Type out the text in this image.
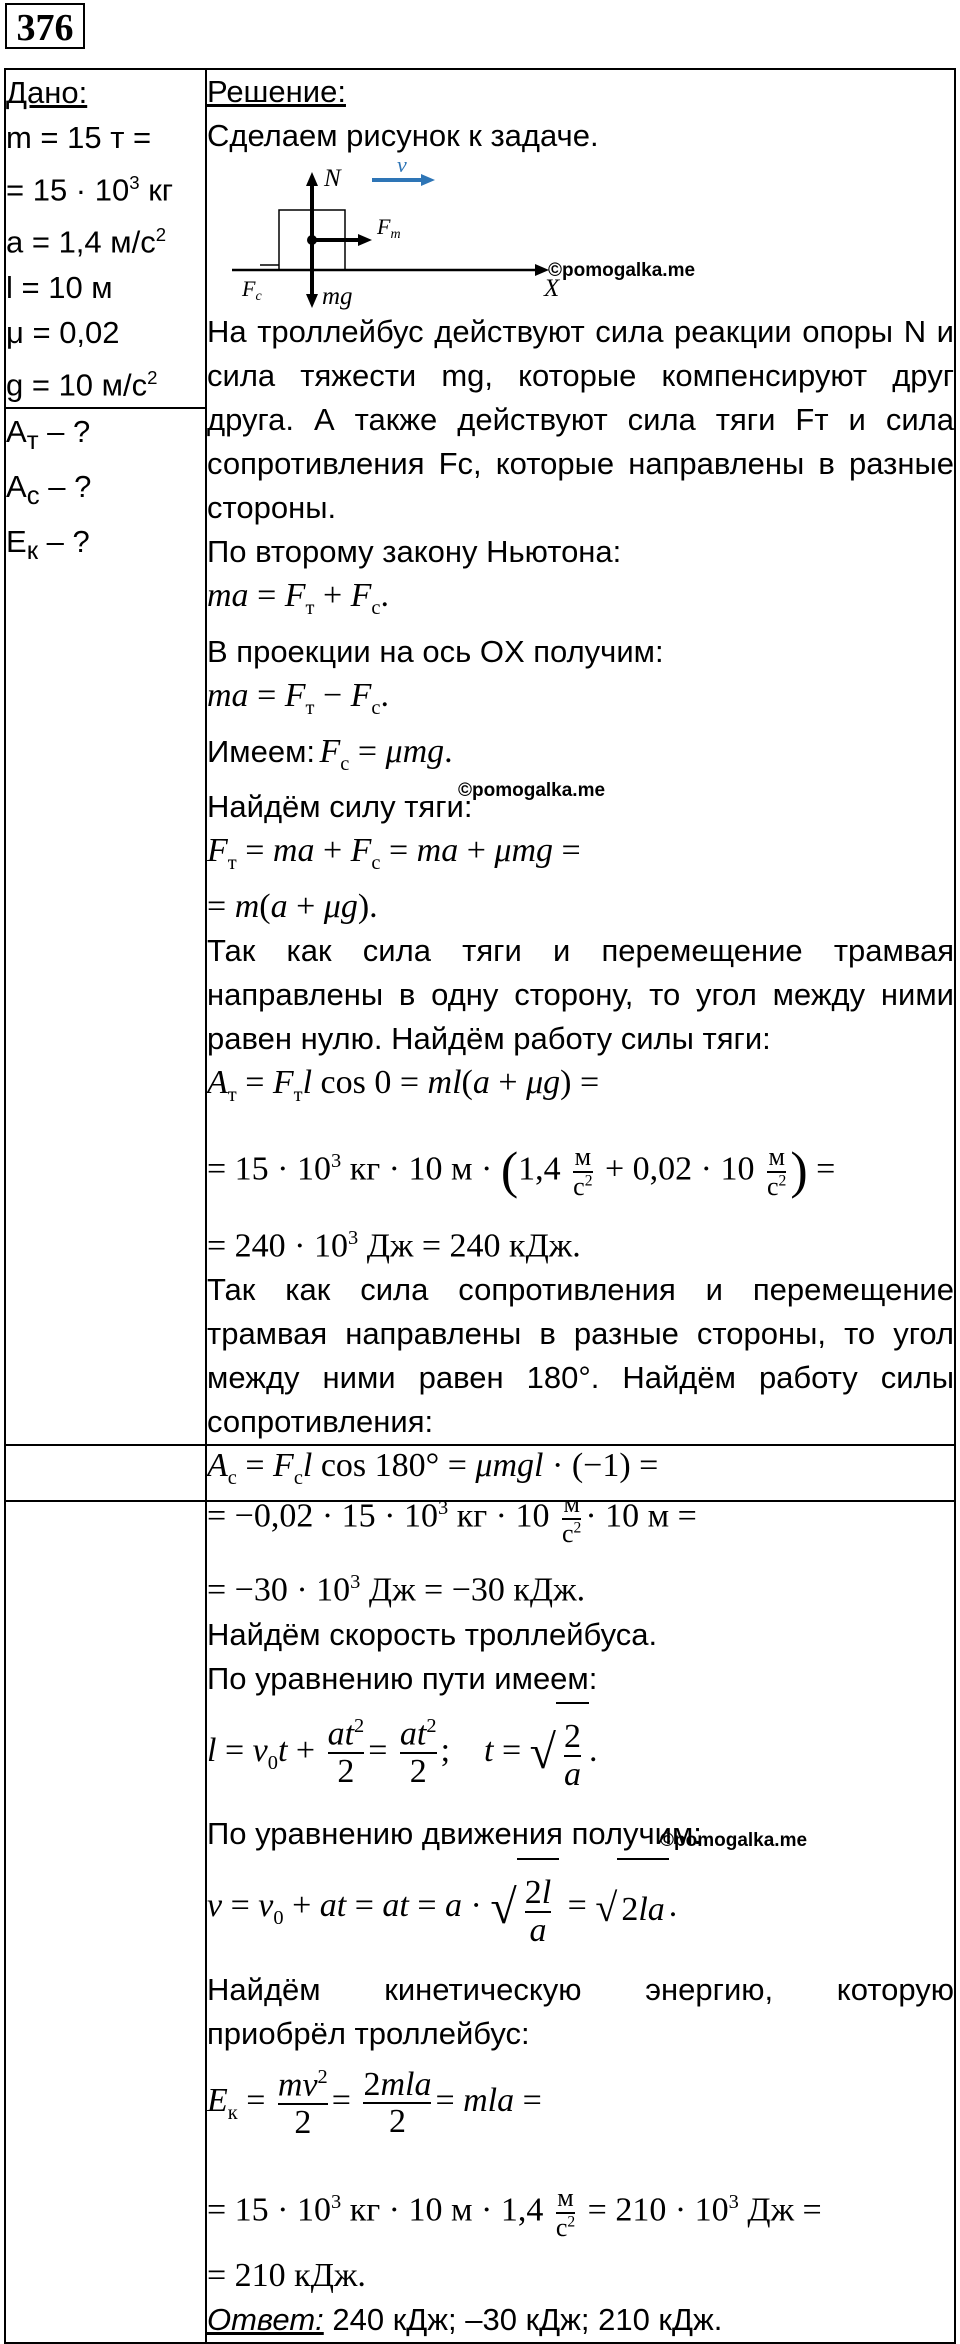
376
Дано:
m = 15 т =
= $15 \cdot 10^3$ кг
a = 1,4 $м/с^2$
l = 10 м
μ = 0,02
g = 10 $м/с^2$

Решение:
Сделаем рисунок к задаче.
N
v
Fm
Fc mg	X
На троллейбус действуют сила реакции опоры N и сила тяжести mg, которые компенсируют друг друга. А также действуют сила тяги Fт и сила сопротивления Fс, которые направлены в разные стороны.
По второму закону Ньютона:
ma = $F_т + F_с$.
В проекции на ось OX получим:
ma = $F_т - F_с$.
Имеем: $F_с = \mu mg$.
Найдём силу тяги:
$F_т$ = ma + $F_с$ = ma + μmg =
= m(a + μg).
Так как сила тяги и перемещение трамвая направлены в одну сторону, то угол между ними равен нулю. Найдём работу силы тяги:
$A_т = F_тl$ cos 0 = ml(a + μg) =
= $15 \cdot 10^3$ кг · 10 м · (1,4 м
$с^2 + 0,02 \cdot 10$ м
$с^2$ ) =
= $240 \cdot 10^3$ Дж = 240 кДж.
Так как сила сопротивления и перемещение трамвая направлены в разные стороны, то угол между ними равен 180°. Найдём работу силы сопротивления:
$A_с = F_сl$ cos 180° = μmgl · (−1) =

$А_т$ – ?
$А_с$ – ?
$E_к$ – ?

= $-0,02 \cdot 15 \cdot 10^3$ кг · 10 м
$с^2 \cdot 10$ м =
= $-30 \cdot 10^3$ Дж = −30 кДж.
Найдём скорость троллейбуса.
По уравнению пути имеем:
$l = v_0t + \frac{at^2}{2} = \frac{at^2}{2}$ ;    t = √ $\frac{2}{a}$ .
По уравнению движения получим:
$v = v_0$ + at = at = a · √ $\frac{2l}{a}$ = √ 2la .
Найдём кинетическую энергию, которую
приобрёл троллейбус:
$E_к = \frac{mv^2}{2} = 2mla$
2
= mla =
= $15 \cdot 10^3$ кг · 10 м · 1,4 м
$с^2 = 210 \cdot 10^3$ Дж =
= 210 кДж.
Ответ: 240 кДж; –30 кДж; 210 кДж.
©pomogalka.me
©pomogalka.me
©pomogalka.me
